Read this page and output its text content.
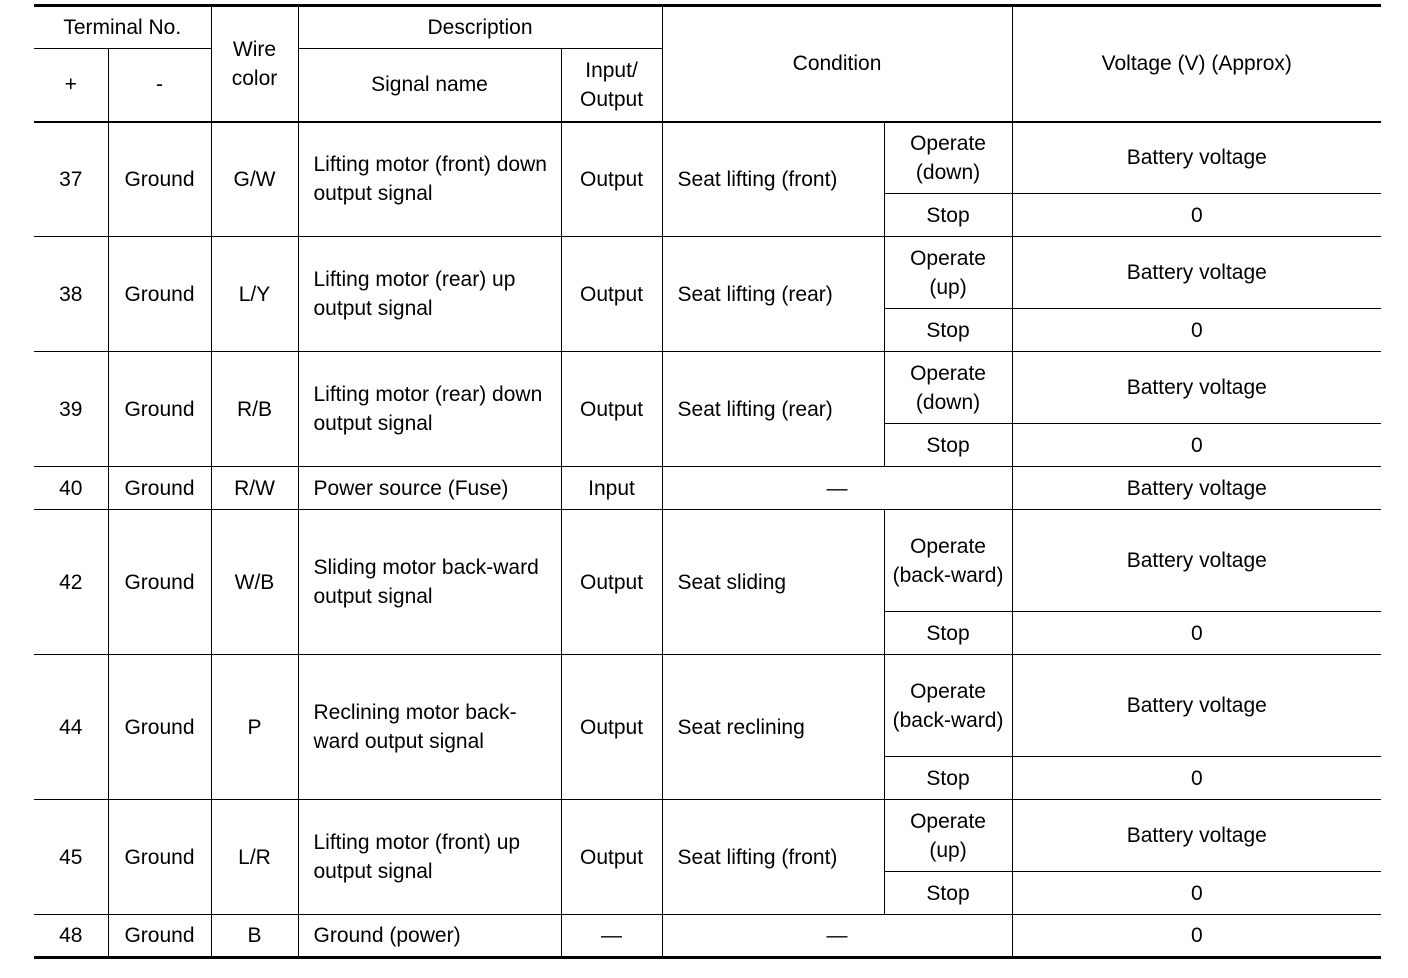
Terminal No.		Wire color	Description		Condition		Voltage (V) (Approx)
+	-		Signal name	Input/ Output			
37	Ground	G/W	Lifting motor (front) down output signal	Output	Seat lifting (front)	Operate (down)	Battery voltage
						Stop	0
38	Ground	L/Y	Lifting motor (rear) up output signal	Output	Seat lifting (rear)	Operate (up)	Battery voltage
						Stop	0
39	Ground	R/B	Lifting motor (rear) down output signal	Output	Seat lifting (rear)	Operate (down)	Battery voltage
						Stop	0
40	Ground	R/W	Power source (Fuse)	Input	—		Battery voltage
42	Ground	W/B	Sliding motor back-ward output signal	Output	Seat sliding	Operate (back-ward)	Battery voltage
						Stop	0
44	Ground	P	Reclining motor back-ward output signal	Output	Seat reclining	Operate (back-ward)	Battery voltage
						Stop	0
45	Ground	L/R	Lifting motor (front) up output signal	Output	Seat lifting (front)	Operate (up)	Battery voltage
						Stop	0
48	Ground	B	Ground (power)	—	—		0
